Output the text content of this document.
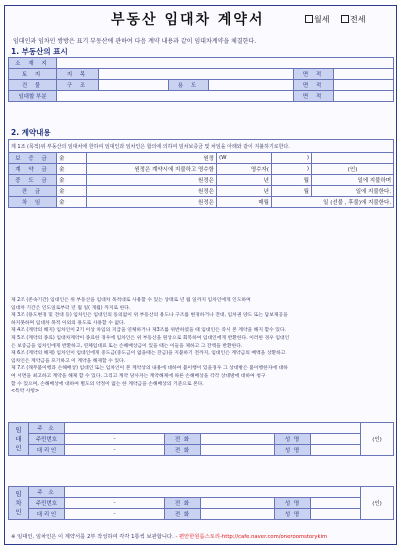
부동산 임대차 계약서	월세	전세
임대인과 임차인 쌍방은 표기 부동산에 관하여 다음 계약 내용과 같이 임대차계약을 체결한다.
1. 부동산의 표시
소 재 지						
토 지	지 목				면 적	
건 물	구 조		용 도		면 적	
임대할 부분					면 적	
2. 계약내용
제 1조 (목적)위 부동산의 임대차에 한하여 임대인과 임차인은 합의에 의하여 임차보증금 및 차임을 아래와 같이 지불하기로한다.					
보 증 금	金	원정	(W	)	
계 약 금	金	원정은 계약시에 지불하고 영수함	영수자(	)	(인)
중 도 금	金	원정은	년	월	일에 지불하며
잔 금	金	원정은	년	월	일에 지불한다.
차 임	金	원정은	매월	일 (선불 , 후불)에 지불한다.	
제 2조 (존속기간) 임대인은 위 부동산을 임대차 목적대로 사용할 수 있는 상태로 년 월 일까지 임차인에게 인도하며
임대차 기간은 인도일로부터 년 월 일( 개월) 까지로 한다.
제 3조 (용도변경 및 전대 등) 임차인은 임대인의 동의없이 위 부동산의 용도나 구조를 변경하거나 전대, 임차권 양도 또는 담보제공을
하지못하며 임대차 목적 이외의 용도로 사용할 수 없다.
제 4조 (계약의 해지) 임차인이 2기 이상 차임의 지급을 연체하거나 제3조를 위반하였을 때 임대인은 즉시 본 계약을 해지 할수 있다.
제 5조 (계약의 종료) 임대차계약이 종료한 경우에 임차인은 위 부동산을 원상으로 회복하여 임대인에게 반환한다. 이러한 경우 임대인
은 보증금을 임차인에게 반환하고, 연체임대료 또는 손해배상금이 있을 때는 이들을 제하고 그 잔액을 반환한다.
제 6조 (계약의 해제) 임차인이 임대인에게 중도금(중도금이 없을때는 잔금)을 지불하기 전까지, 임대인은 계약금의 배액을 상환하고
임차인은 계약금을 포기하고 이 계약을 해제할 수 있다.
제 7조 (채무불이행과 손해배상) 임대인 또는 임차인이 본 계약상의 내용에 대하여 불이행이 있을경우 그 상대방은 불이행한자에 대하
여 서면을 최고하고 계약을 해제 할 수 있다. 그리고 계약 당사자는 계약해제에 따른 손해배상을 각각 상대방에 대하여 청구
할 수 있으며, 손해배상에 대하여 별도의 약정이 없는 한 계약금을 손해배상의 기준으로 본다.
<특약 사항>
임대인	주 소						(인)
	주민번호	-	전 화		성 명		
	대 리 인	-	전 화		성 명		
임차인	주 소						(인)
	주민번호	-	전 화		성 명		
	대 리 인	-	전 화		성 명		
※ 임대인, 임차인은 이 계약서를 2부 작성하여 각각 1통씩 보관합니다. - 편안한원룸스토리-http://cafe.naver.com/oneroomstorykim
